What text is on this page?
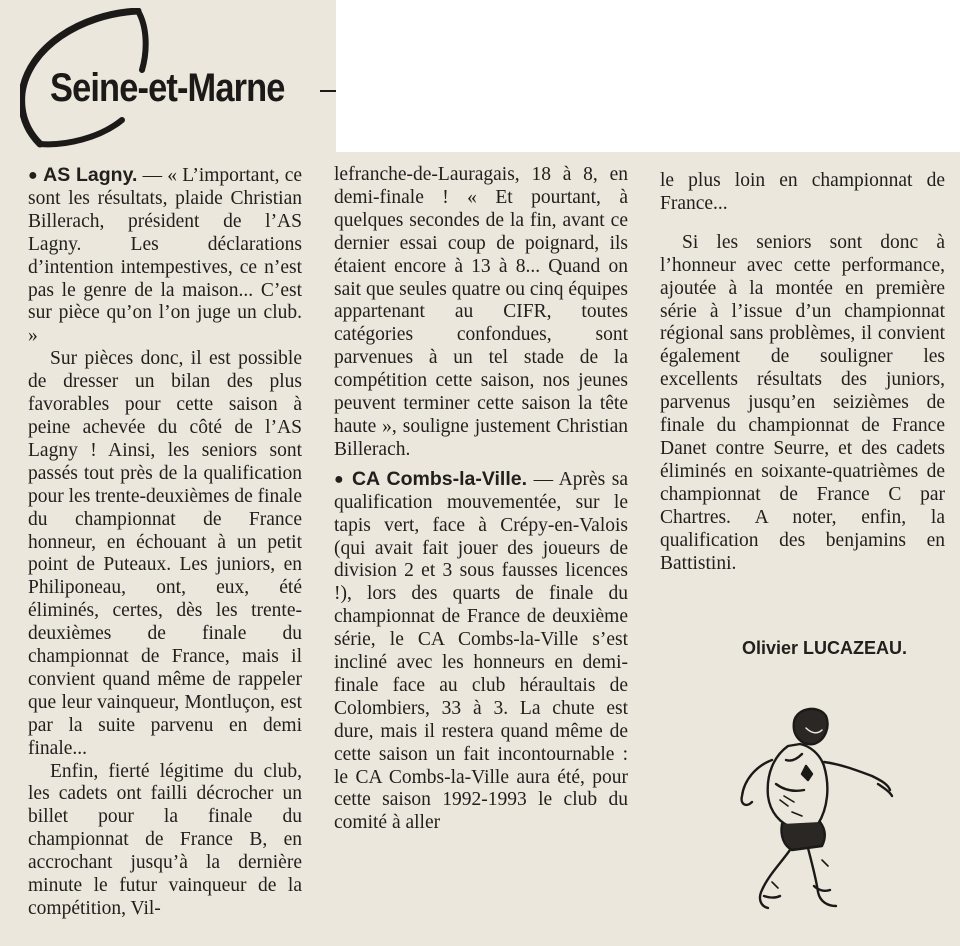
Seine-et-Marne

● AS Lagny. — « L’important, ce sont les résultats, plaide Christian Billerach, président de l’AS Lagny. Les déclarations d’intention intempestives, ce n’est pas le genre de la maison... C’est sur pièce qu’on l’on juge un club. »

Sur pièces donc, il est possible de dresser un bilan des plus favorables pour cette saison à peine achevée du côté de l’AS Lagny ! Ainsi, les seniors sont passés tout près de la qualification pour les trente-deuxièmes de finale du championnat de France honneur, en échouant à un petit point de Puteaux. Les juniors, en Philiponeau, ont, eux, été éliminés, certes, dès les trente-deuxièmes de finale du championnat de France, mais il convient quand même de rappeler que leur vainqueur, Montluçon, est par la suite parvenu en demi finale...

Enfin, fierté légitime du club, les cadets ont failli décrocher un billet pour la finale du championnat de France B, en accrochant jusqu’à la dernière minute le futur vainqueur de la compétition, Vil-

lefranche-de-Lauragais, 18 à 8, en demi-finale ! « Et pourtant, à quelques secondes de la fin, avant ce dernier essai coup de poignard, ils étaient encore à 13 à 8... Quand on sait que seules quatre ou cinq équipes appartenant au CIFR, toutes catégories confondues, sont parvenues à un tel stade de la compétition cette saison, nos jeunes peuvent terminer cette saison la tête haute », souligne justement Christian Billerach.

● CA Combs-la-Ville. — Après sa qualification mouvementée, sur le tapis vert, face à Crépy-en-Valois (qui avait fait jouer des joueurs de division 2 et 3 sous fausses licences !), lors des quarts de finale du championnat de France de deuxième série, le CA Combs-la-Ville s’est incliné avec les honneurs en demi-finale face au club héraultais de Colombiers, 33 à 3. La chute est dure, mais il restera quand même de cette saison un fait incontournable : le CA Combs-la-Ville aura été, pour cette saison 1992-1993 le club du comité à aller

le plus loin en championnat de France...

Si les seniors sont donc à l’honneur avec cette performance, ajoutée à la montée en première série à l’issue d’un championnat régional sans problèmes, il convient également de souligner les excellents résultats des juniors, parvenus jusqu’en seizièmes de finale du championnat de France Danet contre Seurre, et des cadets éliminés en soixante-quatrièmes de championnat de France C par Chartres. A noter, enfin, la qualification des benjamins en Battistini.

Olivier LUCAZEAU.
